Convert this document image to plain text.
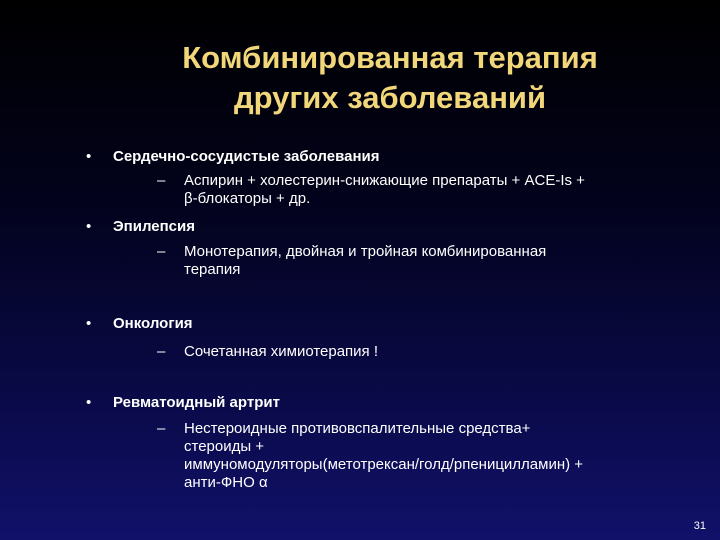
Комбинированная терапия
других заболеваний
•	Сердечно-сосудистые заболевания
– Аспирин + холестерин-снижающие препараты + ACE-Is +
β-блокаторы + др.
•	Эпилепсия
– Монотерапия, двойная и тройная комбинированная
терапия
•	Онкология
– Сочетанная химиотерапия !
•	Ревматоидный артрит
– Нестероидные противовспалительные средства+
стероиды +
иммуномодуляторы(метотрексан/голд/рпеницилламин) +
анти-ФНО α
31
